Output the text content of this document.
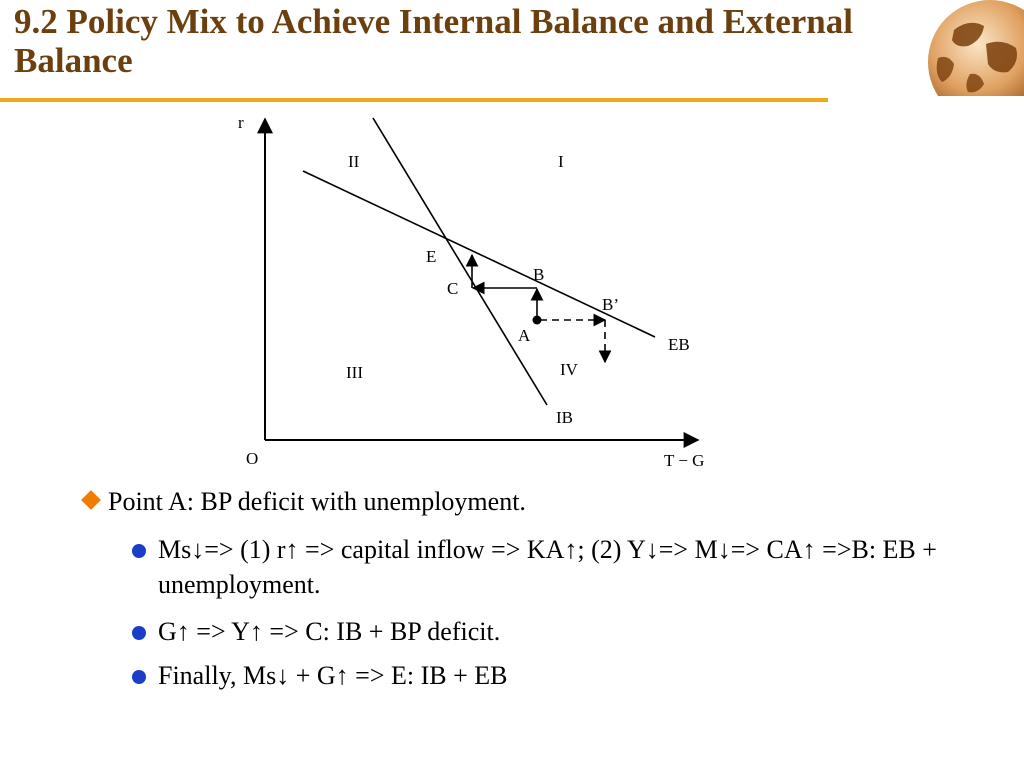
9.2 Policy Mix to Achieve Internal Balance and External Balance
r
T − G
O
I
II
III	IV
IB
EB
E
C
B
B’
A
Point A: BP deficit with unemployment.
Ms↓=> (1) r↑ => capital inflow => KA↑; (2) Y↓=> M↓=> CA↑ =>B: EB + unemployment.
G↑ => Y↑ => C: IB + BP deficit.
Finally, Ms↓ + G↑ => E: IB + EB
